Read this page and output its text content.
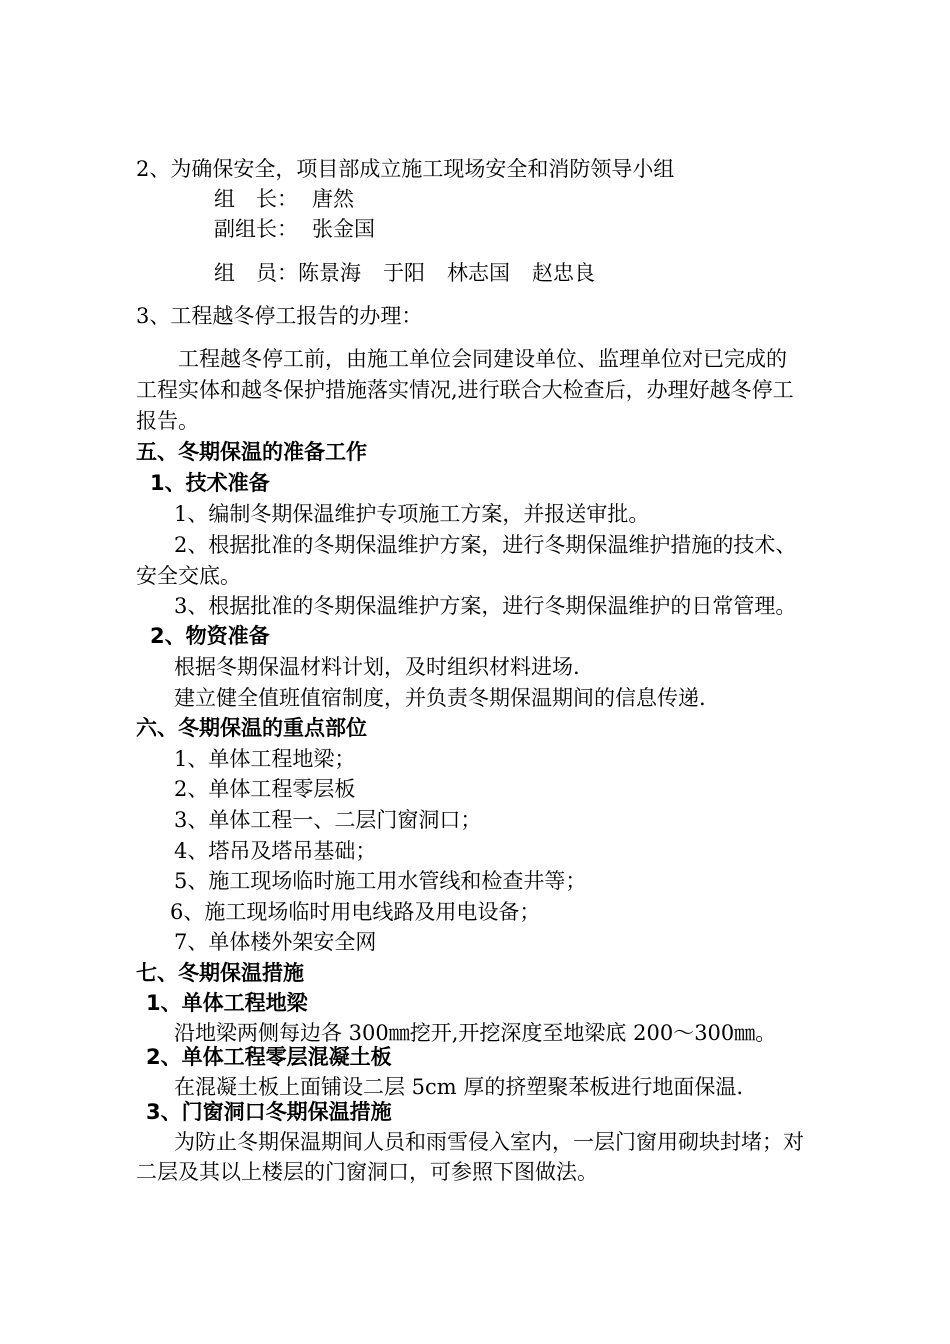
2、为确保安全，项目部成立施工现场安全和消防领导小组
组　长： 唐然
副组长： 张金国
组　员：陈景海 于阳 林志国 赵忠良
3、工程越冬停工报告的办理：
工程越冬停工前，由施工单位会同建设单位、监理单位对已完成的
工程实体和越冬保护措施落实情况,进行联合大检查后，办理好越冬停工
报告。
五、冬期保温的准备工作
1、技术准备
1、编制冬期保温维护专项施工方案，并报送审批。
2、根据批准的冬期保温维护方案，进行冬期保温维护措施的技术、
安全交底。
3、根据批准的冬期保温维护方案，进行冬期保温维护的日常管理。
2、物资准备
根据冬期保温材料计划，及时组织材料进场.
建立健全值班值宿制度，并负责冬期保温期间的信息传递.
六、冬期保温的重点部位
1、单体工程地梁；
2、单体工程零层板
3、单体工程一、二层门窗洞口；
4、塔吊及塔吊基础；
5、施工现场临时施工用水管线和检查井等；
6、施工现场临时用电线路及用电设备；
7、单体楼外架安全网
七、冬期保温措施
1、单体工程地梁
沿地梁两侧每边各 300㎜挖开,开挖深度至地梁底 200～300㎜。
2、单体工程零层混凝土板
在混凝土板上面铺设二层 5cm 厚的挤塑聚苯板进行地面保温.
3、门窗洞口冬期保温措施
为防止冬期保温期间人员和雨雪侵入室内，一层门窗用砌块封堵；对
二层及其以上楼层的门窗洞口，可参照下图做法。
